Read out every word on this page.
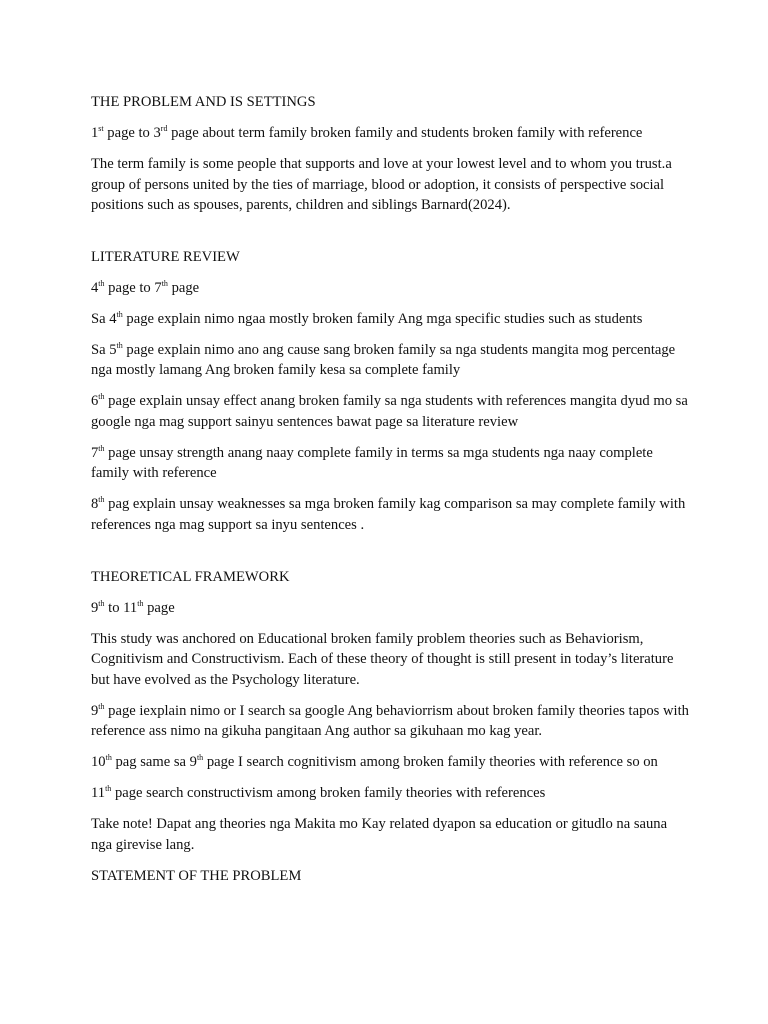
THE PROBLEM AND IS SETTINGS

1st page to 3rd page about term family broken family and students broken family with reference

The term family is some people that supports and love at your lowest level and to whom you trust.a group of persons united by the ties of marriage, blood or adoption, it consists of perspective social positions such as spouses, parents, children and siblings Barnard(2024).

LITERATURE REVIEW

4th page to 7th page

Sa 4th page explain nimo ngaa mostly broken family Ang mga specific studies such as students

Sa 5th page explain nimo ano ang cause sang broken family sa nga students mangita mog percentage nga mostly lamang Ang broken family kesa sa complete family

6th page explain unsay effect anang broken family sa nga students with references mangita dyud mo sa google nga mag support sainyu sentences bawat page sa literature review

7th page unsay strength anang naay complete family in terms sa mga students nga naay complete family with reference

8th pag explain unsay weaknesses sa mga broken family kag comparison sa may complete family with references nga mag support sa inyu sentences .

THEORETICAL FRAMEWORK

9th to 11th page

This study was anchored on Educational broken family problem theories such as Behaviorism, Cognitivism and Constructivism. Each of these theory of thought is still present in today’s literature but have evolved as the Psychology literature.

9th page iexplain nimo or I search sa google Ang behaviorrism about broken family theories tapos with reference ass nimo na gikuha pangitaan Ang author sa gikuhaan mo kag year.

10th pag same sa 9th page I search cognitivism among broken family theories with reference so on

11th page search constructivism among broken family theories with references

Take note! Dapat ang theories nga Makita mo Kay related dyapon sa education or gitudlo na sauna nga girevise lang.

STATEMENT OF THE PROBLEM
